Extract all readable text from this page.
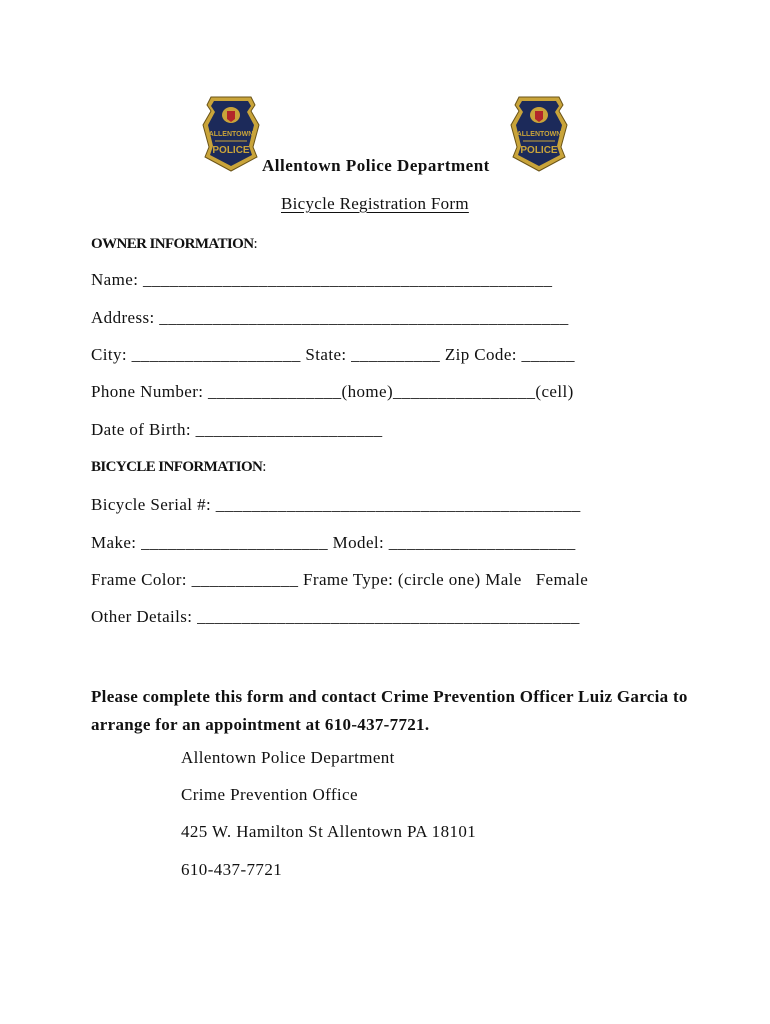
ALLENTOWN
POLICE
ALLENTOWN
POLICE
Allentown Police Department
Bicycle Registration Form
OWNER INFORMATION:
Name: ______________________________________________
Address: ______________________________________________
City: ___________________ State: __________ Zip Code: ______
Phone Number: _______________(home)________________(cell)
Date of Birth: _____________________
BICYCLE INFORMATION:
Bicycle Serial #: _________________________________________
Make: _____________________ Model: _____________________
Frame Color: ____________ Frame Type: (circle one) Male   Female
Other Details: ___________________________________________
Please complete this form and contact Crime Prevention Officer Luiz Garcia to arrange for an appointment at 610-437-7721.
Allentown Police Department
Crime Prevention Office
425 W. Hamilton St Allentown PA 18101
610-437-7721
